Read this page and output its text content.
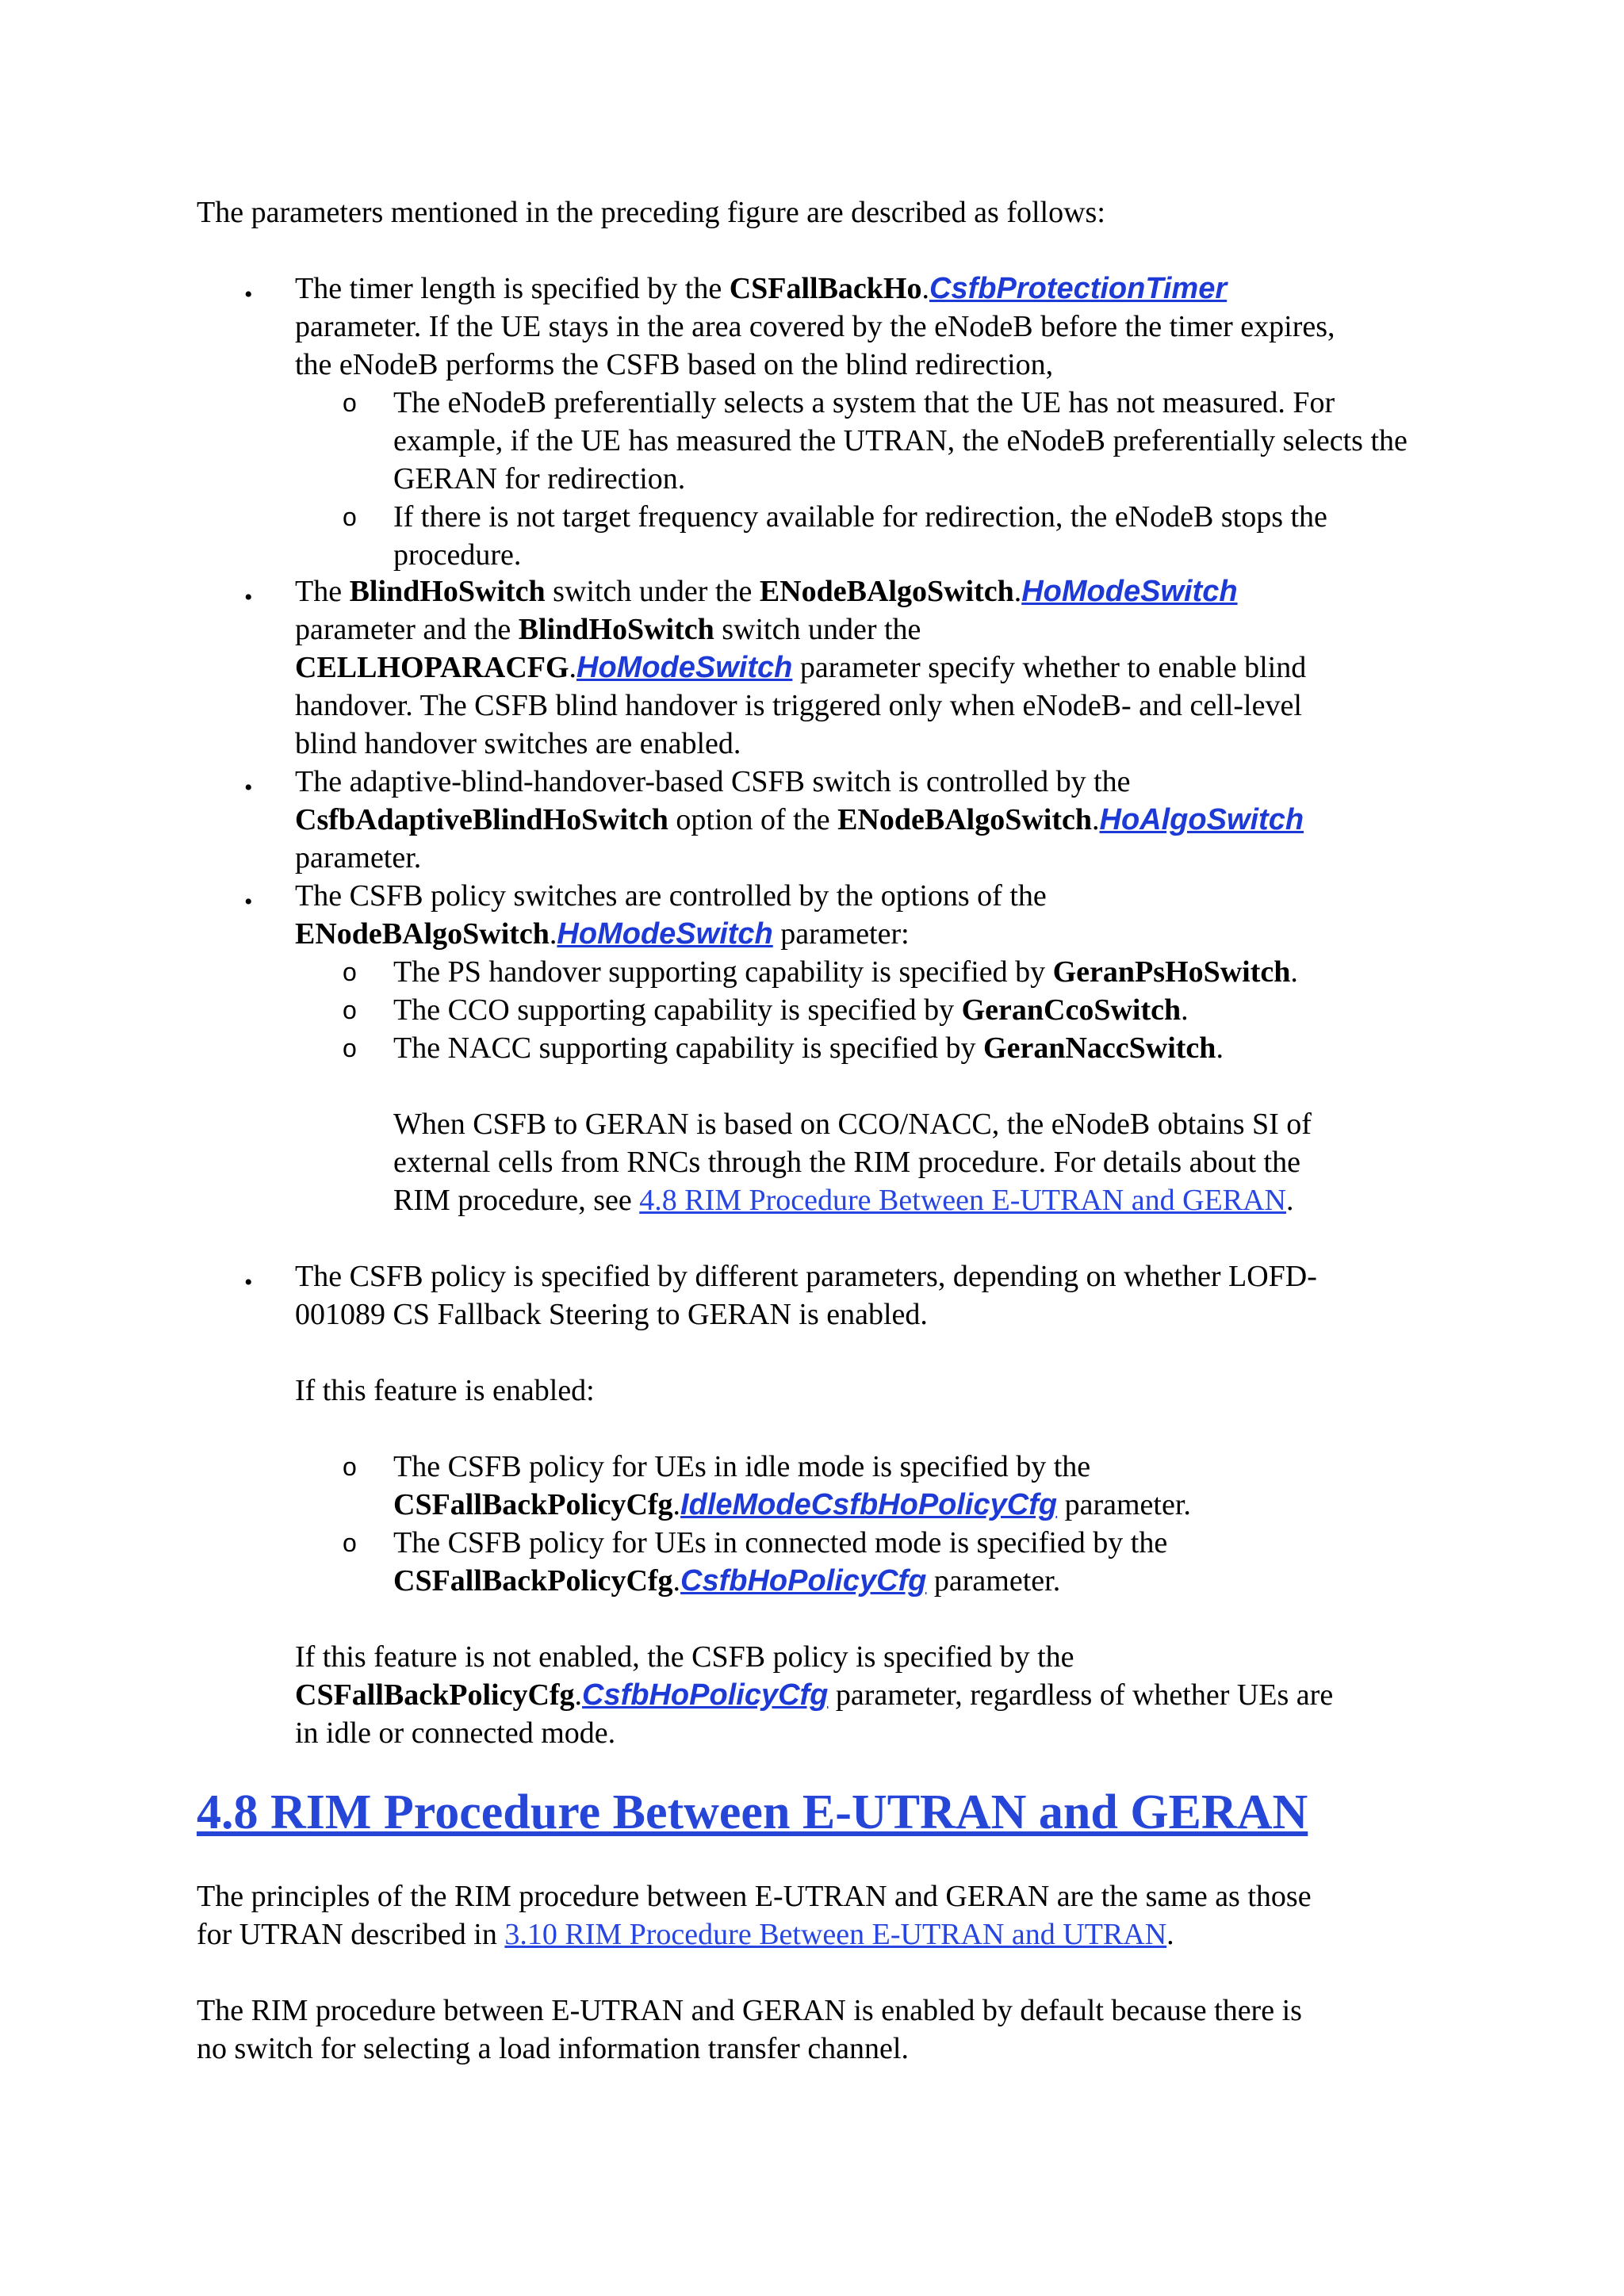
The parameters mentioned in the preceding figure are described as follows:
• The timer length is specified by the CSFallBackHo.CsfbProtectionTimer
parameter. If the UE stays in the area covered by the eNodeB before the timer expires,
the eNodeB performs the CSFB based on the blind redirection,
o The eNodeB preferentially selects a system that the UE has not measured. For example, if the UE has measured the UTRAN, the eNodeB preferentially selects the GERAN for redirection.
o If there is not target frequency available for redirection, the eNodeB stops the procedure.
• The BlindHoSwitch switch under the ENodeBAlgoSwitch.HoModeSwitch
parameter and the BlindHoSwitch switch under the
CELLHOPARACFG.HoModeSwitch parameter specify whether to enable blind
handover. The CSFB blind handover is triggered only when eNodeB- and cell-level
blind handover switches are enabled.
• The adaptive-blind-handover-based CSFB switch is controlled by the
CsfbAdaptiveBlindHoSwitch option of the ENodeBAlgoSwitch.HoAlgoSwitch
parameter.
• The CSFB policy switches are controlled by the options of the
ENodeBAlgoSwitch.HoModeSwitch parameter:
o The PS handover supporting capability is specified by GeranPsHoSwitch.
o The CCO supporting capability is specified by GeranCcoSwitch.
o The NACC supporting capability is specified by GeranNaccSwitch.
When CSFB to GERAN is based on CCO/NACC, the eNodeB obtains SI of
external cells from RNCs through the RIM procedure. For details about the
RIM procedure, see 4.8 RIM Procedure Between E-UTRAN and GERAN.
• The CSFB policy is specified by different parameters, depending on whether LOFD-
001089 CS Fallback Steering to GERAN is enabled.
If this feature is enabled:
o The CSFB policy for UEs in idle mode is specified by the
CSFallBackPolicyCfg.IdleModeCsfbHoPolicyCfg parameter.
o The CSFB policy for UEs in connected mode is specified by the
CSFallBackPolicyCfg.CsfbHoPolicyCfg parameter.
If this feature is not enabled, the CSFB policy is specified by the
CSFallBackPolicyCfg.CsfbHoPolicyCfg parameter, regardless of whether UEs are
in idle or connected mode.
4.8 RIM Procedure Between E-UTRAN and GERAN
The principles of the RIM procedure between E-UTRAN and GERAN are the same as those
for UTRAN described in 3.10 RIM Procedure Between E-UTRAN and UTRAN.
The RIM procedure between E-UTRAN and GERAN is enabled by default because there is
no switch for selecting a load information transfer channel.
